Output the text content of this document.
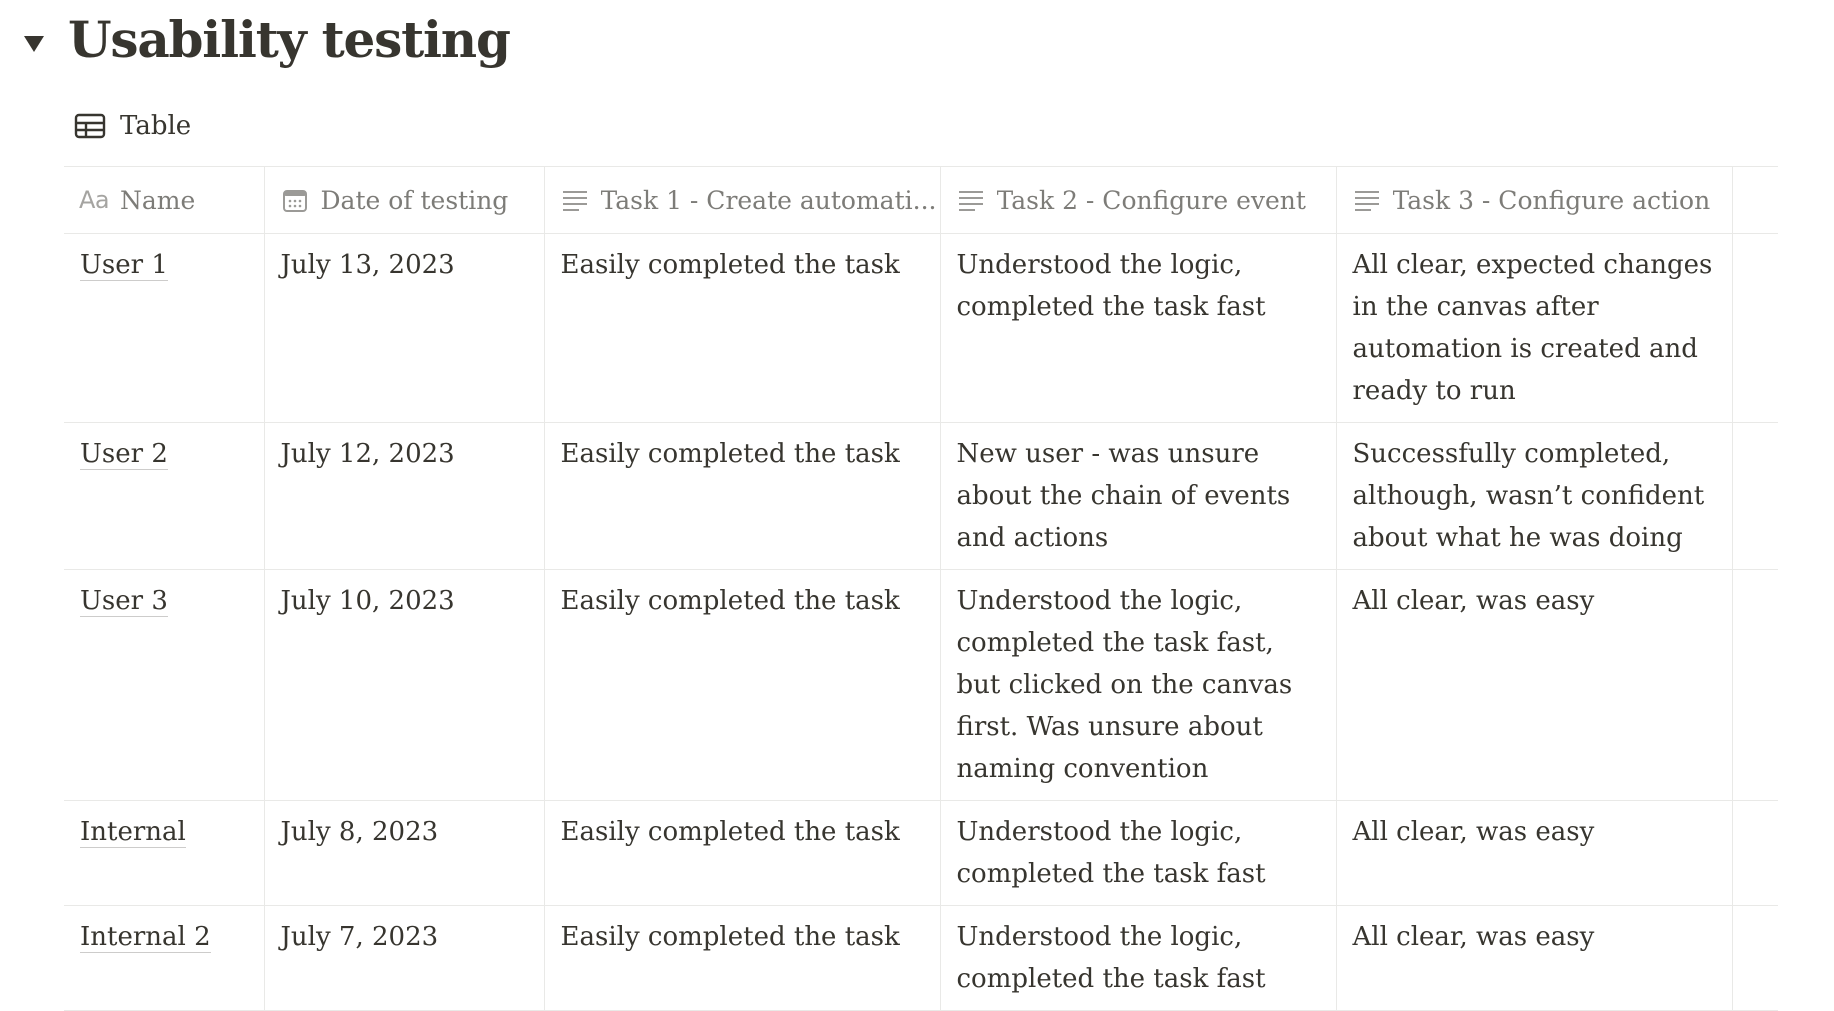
Usability testing
Table
Aa Name	Date of testing	Task 1 - Create automati...	Task 2 - Configure event	Task 3 - Configure action	

User 1	July 13, 2023	Easily completed the task	Understood the logic, completed the task fast	All clear, expected changes in the canvas after automation is created and ready to run	

User 2	July 12, 2023	Easily completed the task	New user - was unsure about the chain of events and actions	Successfully completed, although, wasn’t confident about what he was doing	

User 3	July 10, 2023	Easily completed the task	Understood the logic, completed the task fast, but clicked on the canvas first. Was unsure about naming convention	All clear, was easy	

Internal	July 8, 2023	Easily completed the task	Understood the logic, completed the task fast	All clear, was easy	

Internal 2	July 7, 2023	Easily completed the task	Understood the logic, completed the task fast	All clear, was easy	
